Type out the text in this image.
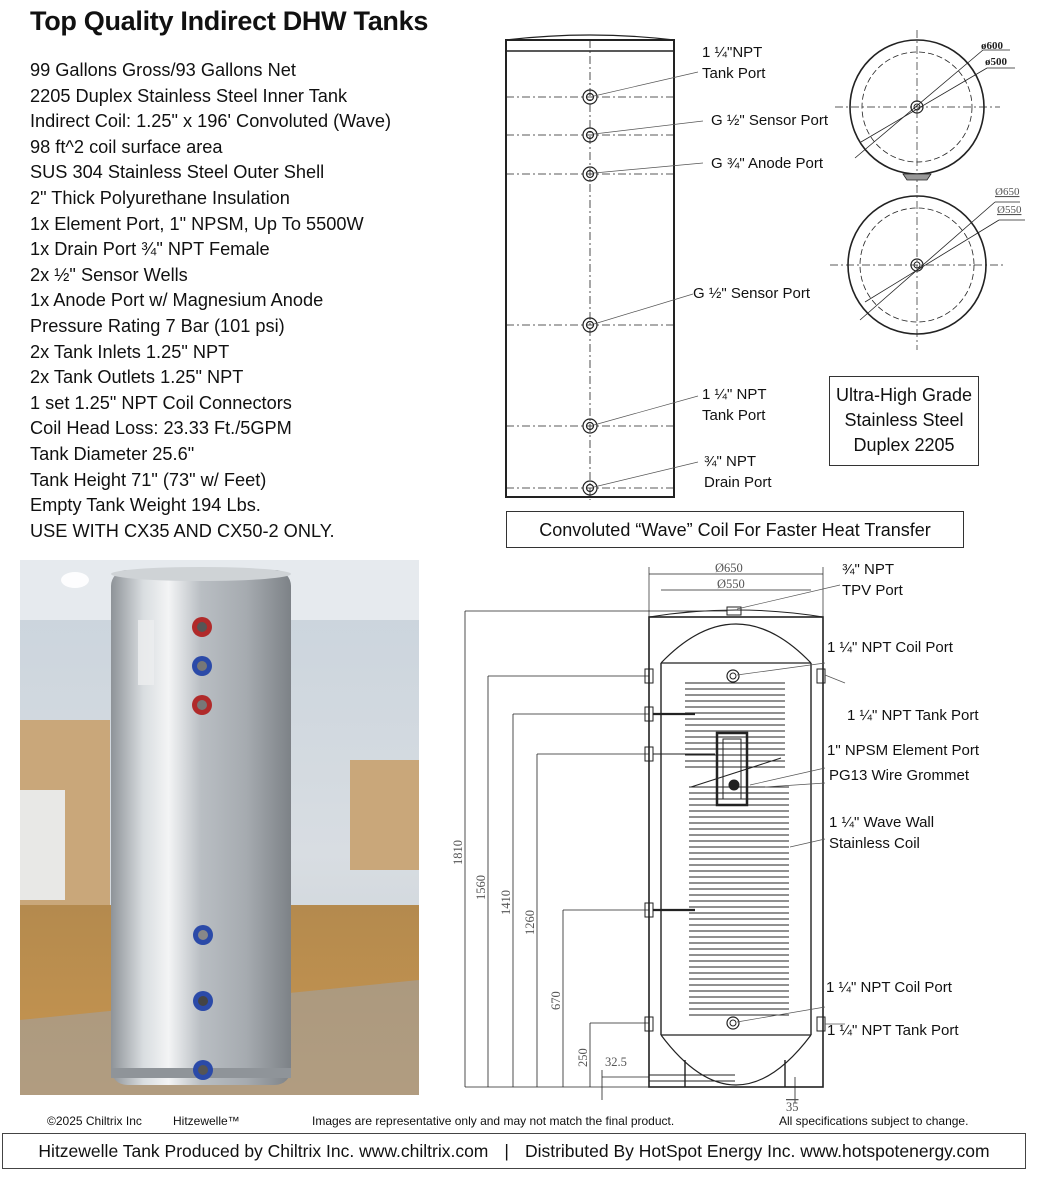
Top Quality Indirect DHW Tanks
99 Gallons Gross/93 Gallons Net
2205 Duplex Stainless Steel Inner Tank
Indirect Coil: 1.25" x 196' Convoluted (Wave)
98 ft^2 coil surface area
SUS 304 Stainless Steel Outer Shell
2" Thick Polyurethane Insulation
1x Element Port, 1" NPSM, Up To 5500W
1x Drain Port ¾" NPT Female
2x ½" Sensor Wells
1x Anode Port w/ Magnesium Anode
Pressure Rating 7 Bar (101 psi)
2x Tank Inlets 1.25" NPT
2x Tank Outlets 1.25" NPT
1 set 1.25" NPT Coil Connectors
Coil Head Loss: 23.33 Ft./5GPM
Tank Diameter 25.6"
Tank Height 71" (73" w/ Feet)
Empty Tank Weight 194 Lbs.
USE WITH CX35 AND CX50-2 ONLY.
1 ¼"NPT
Tank Port
G ½" Sensor Port
G ¾" Anode Port
G ½" Sensor Port
1 ¼" NPT
Tank Port
¾" NPT
Drain Port
ø600
ø500
Ø650
Ø550
Ultra-High Grade
Stainless Steel
Duplex 2205
Convoluted “Wave” Coil For Faster Heat Transfer
Ø650
Ø550
1810
1560
1410
1260
670
250 32.5
35
¾" NPT
TPV Port
1 ¼" NPT Coil Port
1 ¼" NPT Tank Port
1" NPSM Element Port
PG13 Wire Grommet
1 ¼" Wave Wall
Stainless Coil
1 ¼" NPT Coil Port
1 ¼" NPT Tank Port
©2025 Chiltrix Inc	Hitzewelle™	Images are representative only and may not match the final product.	All specifications subject to change.
Hitzewelle Tank Produced by Chiltrix Inc. www.chiltrix.com | Distributed By HotSpot Energy Inc. www.hotspotenergy.com
